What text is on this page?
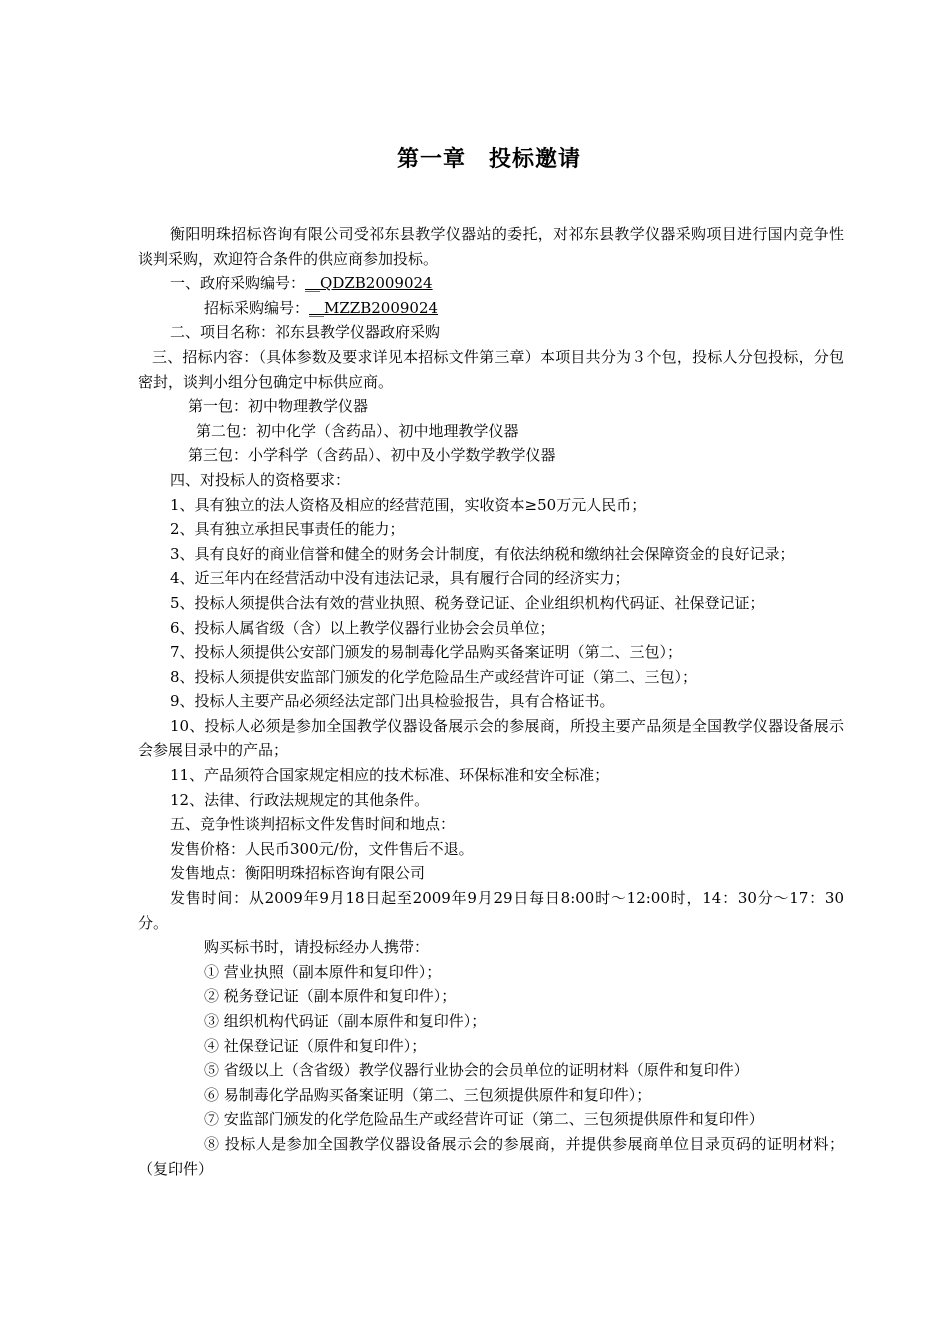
第一章　投标邀请

衡阳明珠招标咨询有限公司受祁东县教学仪器站的委托，对祁东县教学仪器采购项目进行国内竞争性谈判采购，欢迎符合条件的供应商参加投标。

一、政府采购编号：__QDZB2009024

招标采购编号：__MZZB2009024

二、项目名称：祁东县教学仪器政府采购

三、招标内容：（具体参数及要求详见本招标文件第三章）本项目共分为３个包，投标人分包投标，分包密封，谈判小组分包确定中标供应商。

第一包：初中物理教学仪器

第二包：初中化学（含药品）、初中地理教学仪器

第三包：小学科学（含药品）、初中及小学数学教学仪器

四、对投标人的资格要求：

1、具有独立的法人资格及相应的经营范围，实收资本≥50万元人民币；

2、具有独立承担民事责任的能力；

3、具有良好的商业信誉和健全的财务会计制度，有依法纳税和缴纳社会保障资金的良好记录；

4、近三年内在经营活动中没有违法记录，具有履行合同的经济实力；

5、投标人须提供合法有效的营业执照、税务登记证、企业组织机构代码证、社保登记证；

6、投标人属省级（含）以上教学仪器行业协会会员单位；

7、投标人须提供公安部门颁发的易制毒化学品购买备案证明（第二、三包）；

8、投标人须提供安监部门颁发的化学危险品生产或经营许可证（第二、三包）；

9、投标人主要产品必须经法定部门出具检验报告，具有合格证书。

10、投标人必须是参加全国教学仪器设备展示会的参展商，所投主要产品须是全国教学仪器设备展示会参展目录中的产品；

11、产品须符合国家规定相应的技术标准、环保标准和安全标准；

12、法律、行政法规规定的其他条件。

五、竞争性谈判招标文件发售时间和地点：

发售价格：人民币300元/份，文件售后不退。

发售地点：衡阳明珠招标咨询有限公司

发售时间：从2009年9月18日起至2009年9月29日每日8:00时～12:00时，14：30分～17：30分。

购买标书时，请投标经办人携带：

① 营业执照（副本原件和复印件）；

② 税务登记证（副本原件和复印件）；

③ 组织机构代码证（副本原件和复印件）；

④ 社保登记证（原件和复印件）；

⑤ 省级以上（含省级）教学仪器行业协会的会员单位的证明材料（原件和复印件）

⑥ 易制毒化学品购买备案证明（第二、三包须提供原件和复印件）；

⑦ 安监部门颁发的化学危险品生产或经营许可证（第二、三包须提供原件和复印件）

⑧ 投标人是参加全国教学仪器设备展示会的参展商，并提供参展商单位目录页码的证明材料；（复印件）
